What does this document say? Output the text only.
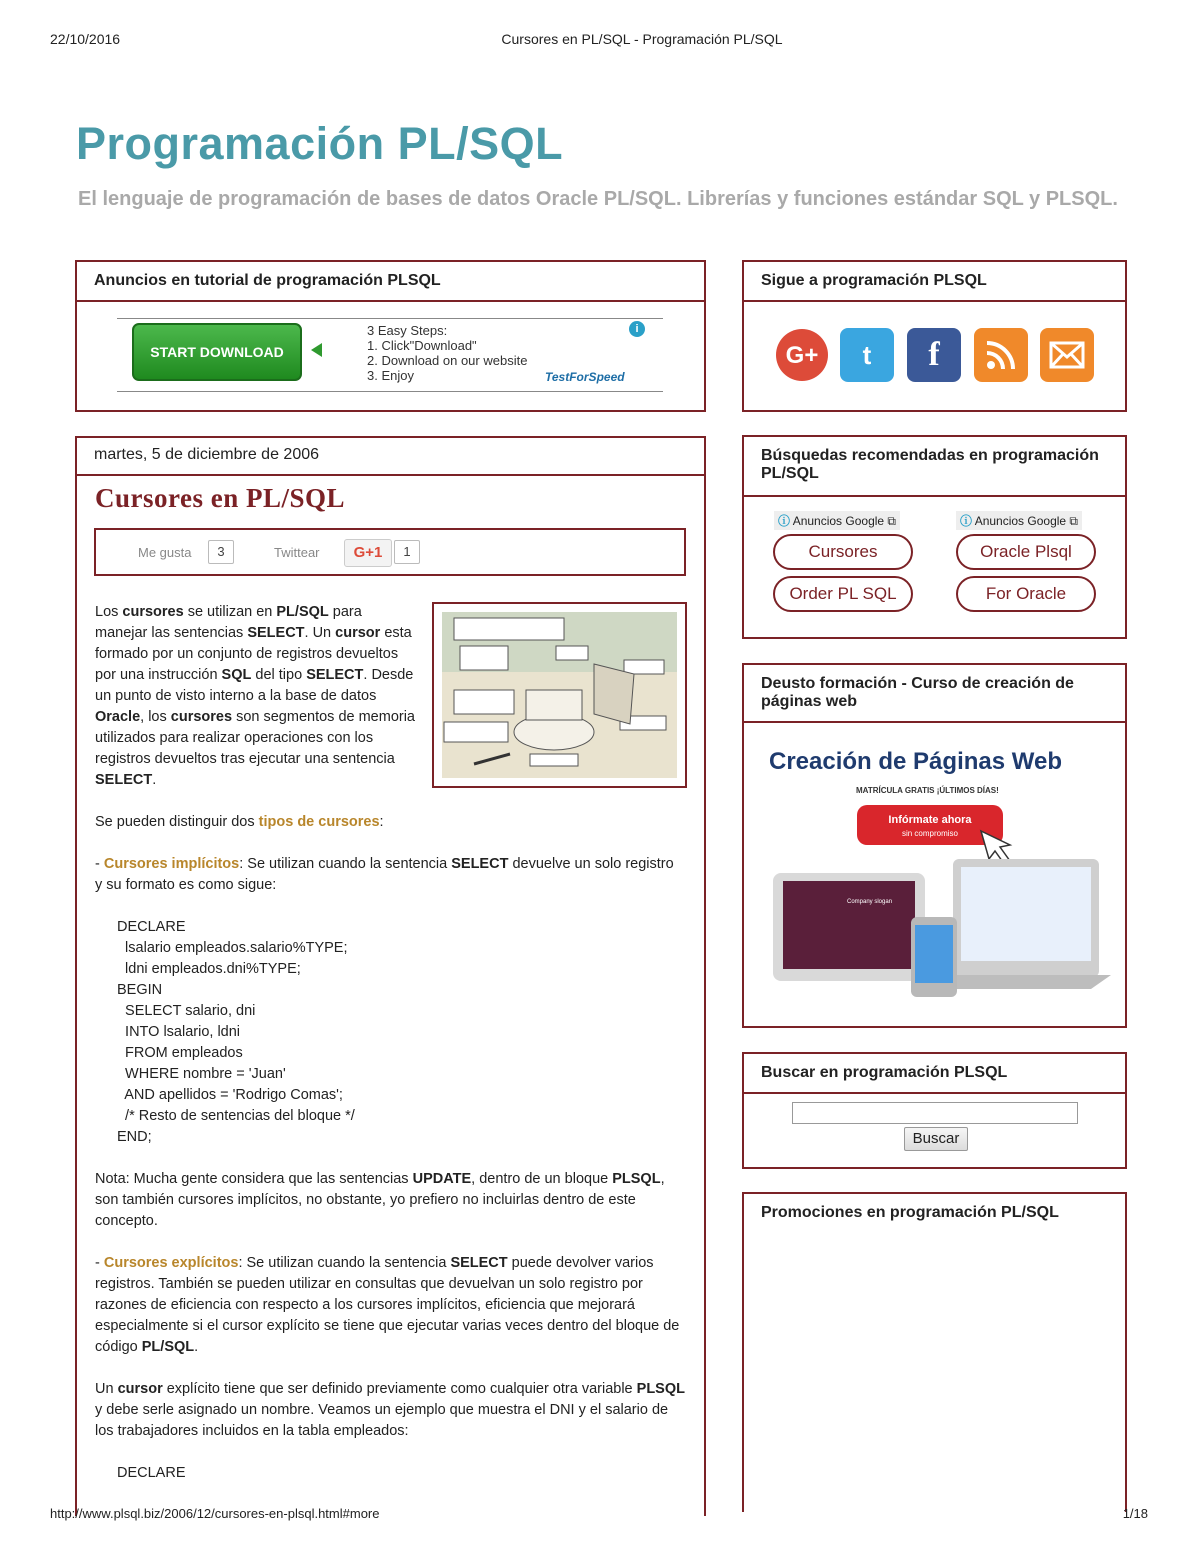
22/10/2016	Cursores en PL/SQL - Programación PL/SQL
Programación PL/SQL
El lenguaje de programación de bases de datos Oracle PL/SQL. Librerías y funciones estándar SQL y PLSQL.
Anuncios en tutorial de programación PLSQL
START DOWNLOAD
3 Easy Steps:
1. Click"Download"
2. Download on our website
3. Enjoy
i
TestForSpeed
Sigue a programación PLSQL
G+	t	f
martes, 5 de diciembre de 2006
Cursores en PL/SQL
Me gusta	3	Twittear	G+1	1
Los cursores se utilizan en PL/SQL para manejar las sentencias SELECT. Un cursor esta formado por un conjunto de registros devueltos por una instrucción SQL del tipo SELECT. Desde un punto de visto interno a la base de datos Oracle, los cursores son segmentos de memoria utilizados para realizar operaciones con los registros devueltos tras ejecutar una sentencia SELECT.
Se pueden distinguir dos tipos de cursores:
- Cursores implícitos: Se utilizan cuando la sentencia SELECT devuelve un solo registro y su formato es como sigue:
DECLARE
lsalario empleados.salario%TYPE;
ldni empleados.dni%TYPE;
BEGIN
SELECT salario, dni
INTO lsalario, ldni
FROM empleados
WHERE nombre = 'Juan'
AND apellidos = 'Rodrigo Comas';
/* Resto de sentencias del bloque */
END;
Nota: Mucha gente considera que las sentencias UPDATE, dentro de un bloque PLSQL, son también cursores implícitos, no obstante, yo prefiero no incluirlas dentro de este concepto.
- Cursores explícitos: Se utilizan cuando la sentencia SELECT puede devolver varios registros. También se pueden utilizar en consultas que devuelvan un solo registro por razones de eficiencia con respecto a los cursores implícitos, eficiencia que mejorará especialmente si el cursor explícito se tiene que ejecutar varias veces dentro del bloque de código PL/SQL.
Un cursor explícito tiene que ser definido previamente como cualquier otra variable PLSQL y debe serle asignado un nombre. Veamos un ejemplo que muestra el DNI y el salario de los trabajadores incluidos en la tabla empleados:
DECLARE
Búsquedas recomendadas en programación PL/SQL
ⓘ Anuncios Google ⧉	ⓘ Anuncios Google ⧉
Cursores	Oracle Plsql
Order PL SQL	For Oracle
Deusto formación - Curso de creación de páginas web
Creación de Páginas Web
MATRÍCULA GRATIS ¡ÚLTIMOS DÍAS!
Infórmate ahora
sin compromiso
Company slogan
Buscar en programación PLSQL
Buscar
Promociones en programación PL/SQL
http://www.plsql.biz/2006/12/cursores-en-plsql.html#more	1/18
